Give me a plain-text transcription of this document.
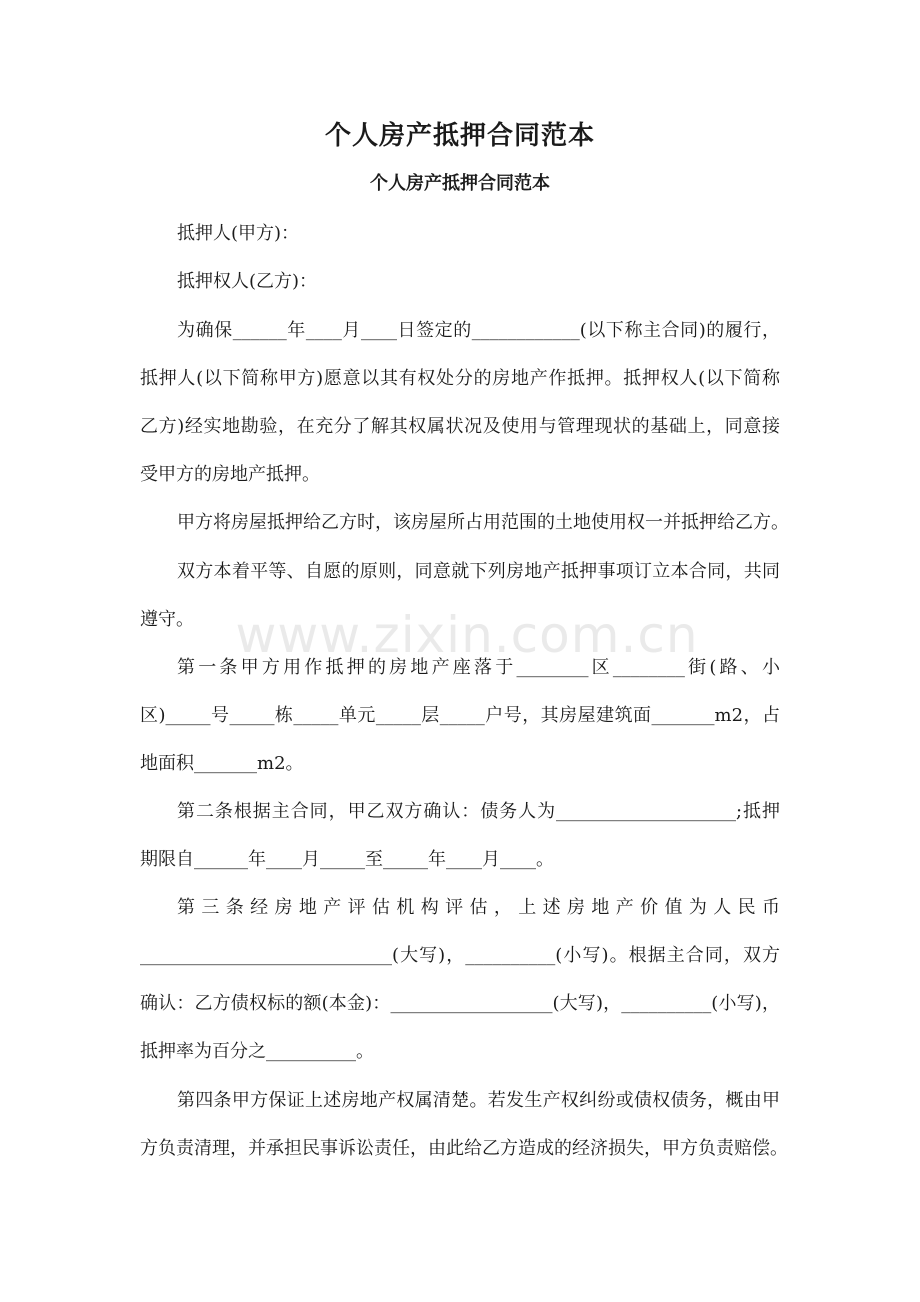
个人房产抵押合同范本
个人房产抵押合同范本
抵押人(甲方)：
抵押权人(乙方)：
为确保______年____月____日签定的____________(以下称主合同)的履行，
抵押人(以下简称甲方)愿意以其有权处分的房地产作抵押。抵押权人(以下简称
乙方)经实地勘验，在充分了解其权属状况及使用与管理现状的基础上，同意接
受甲方的房地产抵押。
甲方将房屋抵押给乙方时，该房屋所占用范围的土地使用权一并抵押给乙方。
双方本着平等、自愿的原则，同意就下列房地产抵押事项订立本合同，共同
遵守。
第一条甲方用作抵押的房地产座落于________区________街(路、小
区)_____号_____栋_____单元_____层_____户号，其房屋建筑面_______m2，占
地面积_______m2。
第二条根据主合同，甲乙双方确认：债务人为____________________;抵押
期限自______年____月_____至_____年____月____。
第三条经房地产评估机构评估，上述房地产价值为人民币
____________________________(大写)，__________(小写)。根据主合同，双方
确认：乙方债权标的额(本金)：__________________(大写)，__________(小写)，
抵押率为百分之__________。
第四条甲方保证上述房地产权属清楚。若发生产权纠纷或债权债务，概由甲
方负责清理，并承担民事诉讼责任，由此给乙方造成的经济损失，甲方负责赔偿。
www.zixin.com.cn
